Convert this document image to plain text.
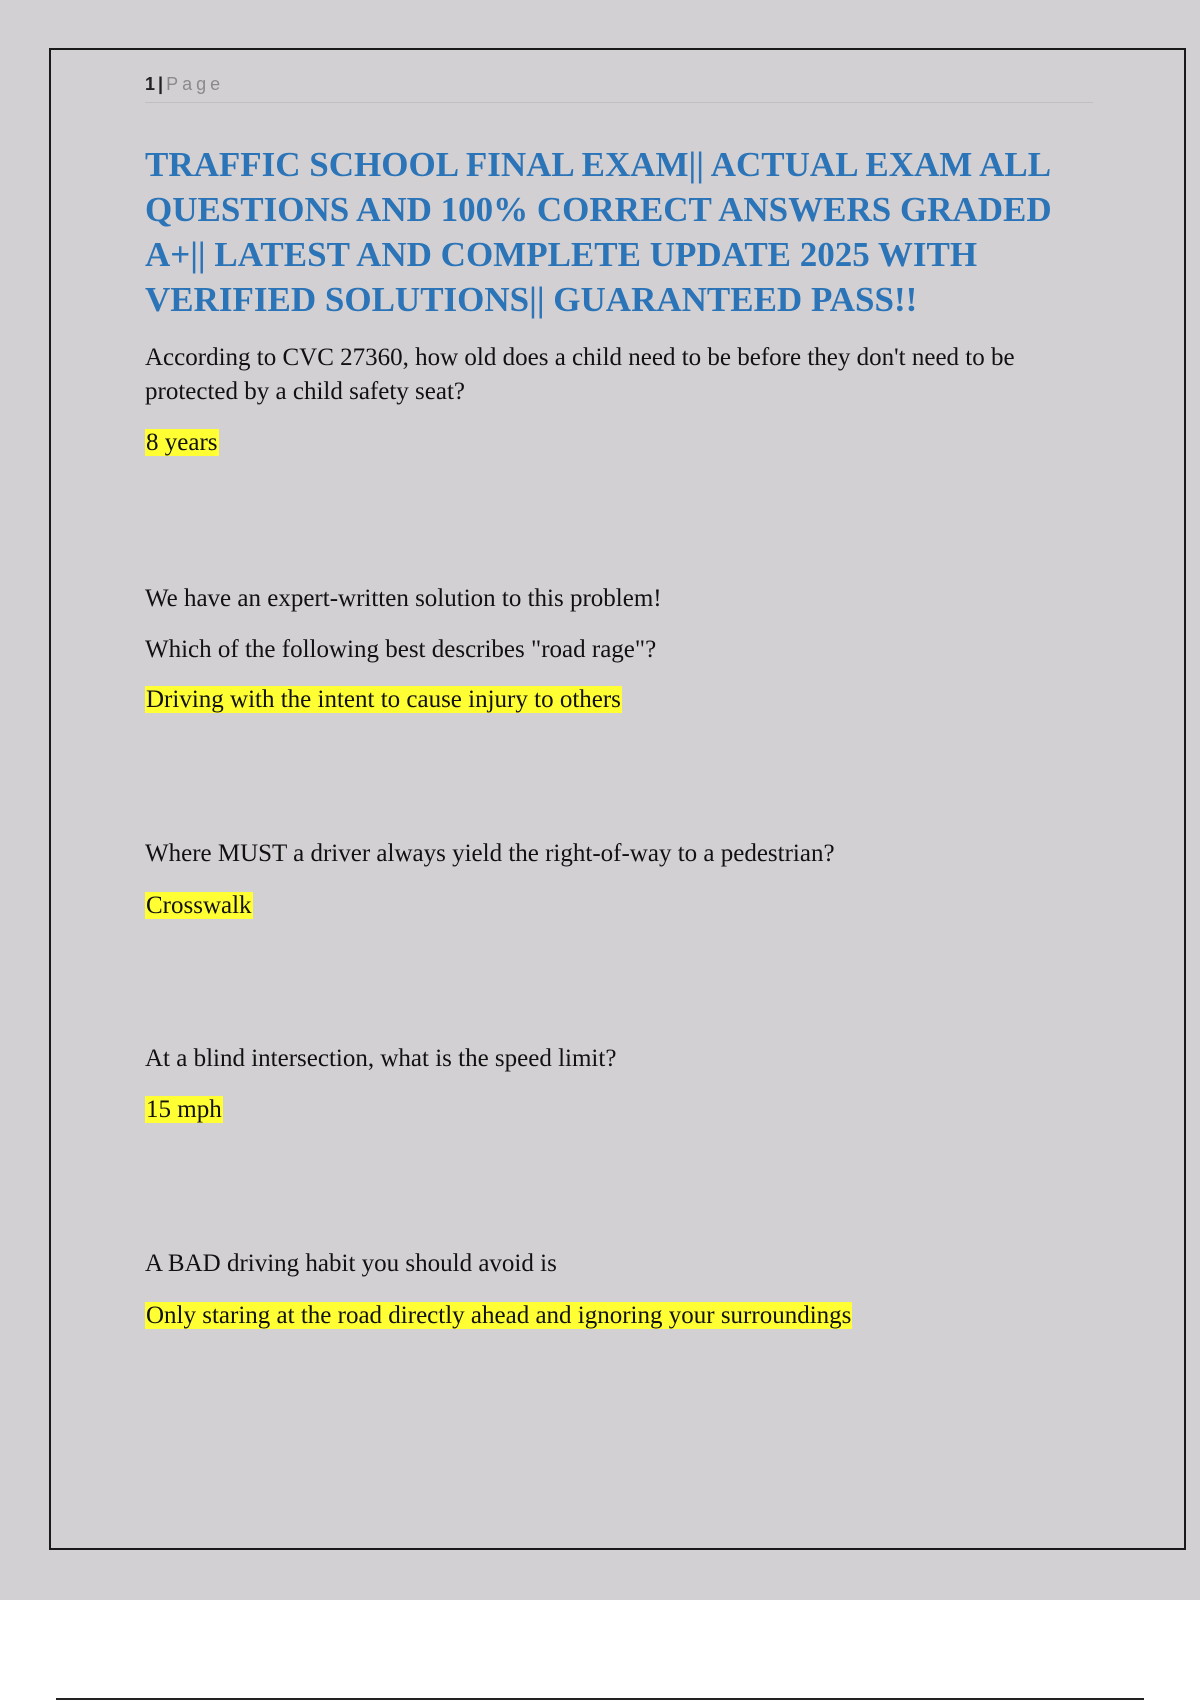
1 | Page
TRAFFIC SCHOOL FINAL EXAM|| ACTUAL EXAM ALL QUESTIONS AND 100% CORRECT ANSWERS GRADED A+|| LATEST AND COMPLETE UPDATE 2025 WITH VERIFIED SOLUTIONS|| GUARANTEED PASS!!

According to CVC 27360, how old does a child need to be before they don't need to be protected by a child safety seat?

8 years

We have an expert-written solution to this problem!

Which of the following best describes "road rage"?

Driving with the intent to cause injury to others

Where MUST a driver always yield the right-of-way to a pedestrian?

Crosswalk

At a blind intersection, what is the speed limit?

15 mph

A BAD driving habit you should avoid is

Only staring at the road directly ahead and ignoring your surroundings
